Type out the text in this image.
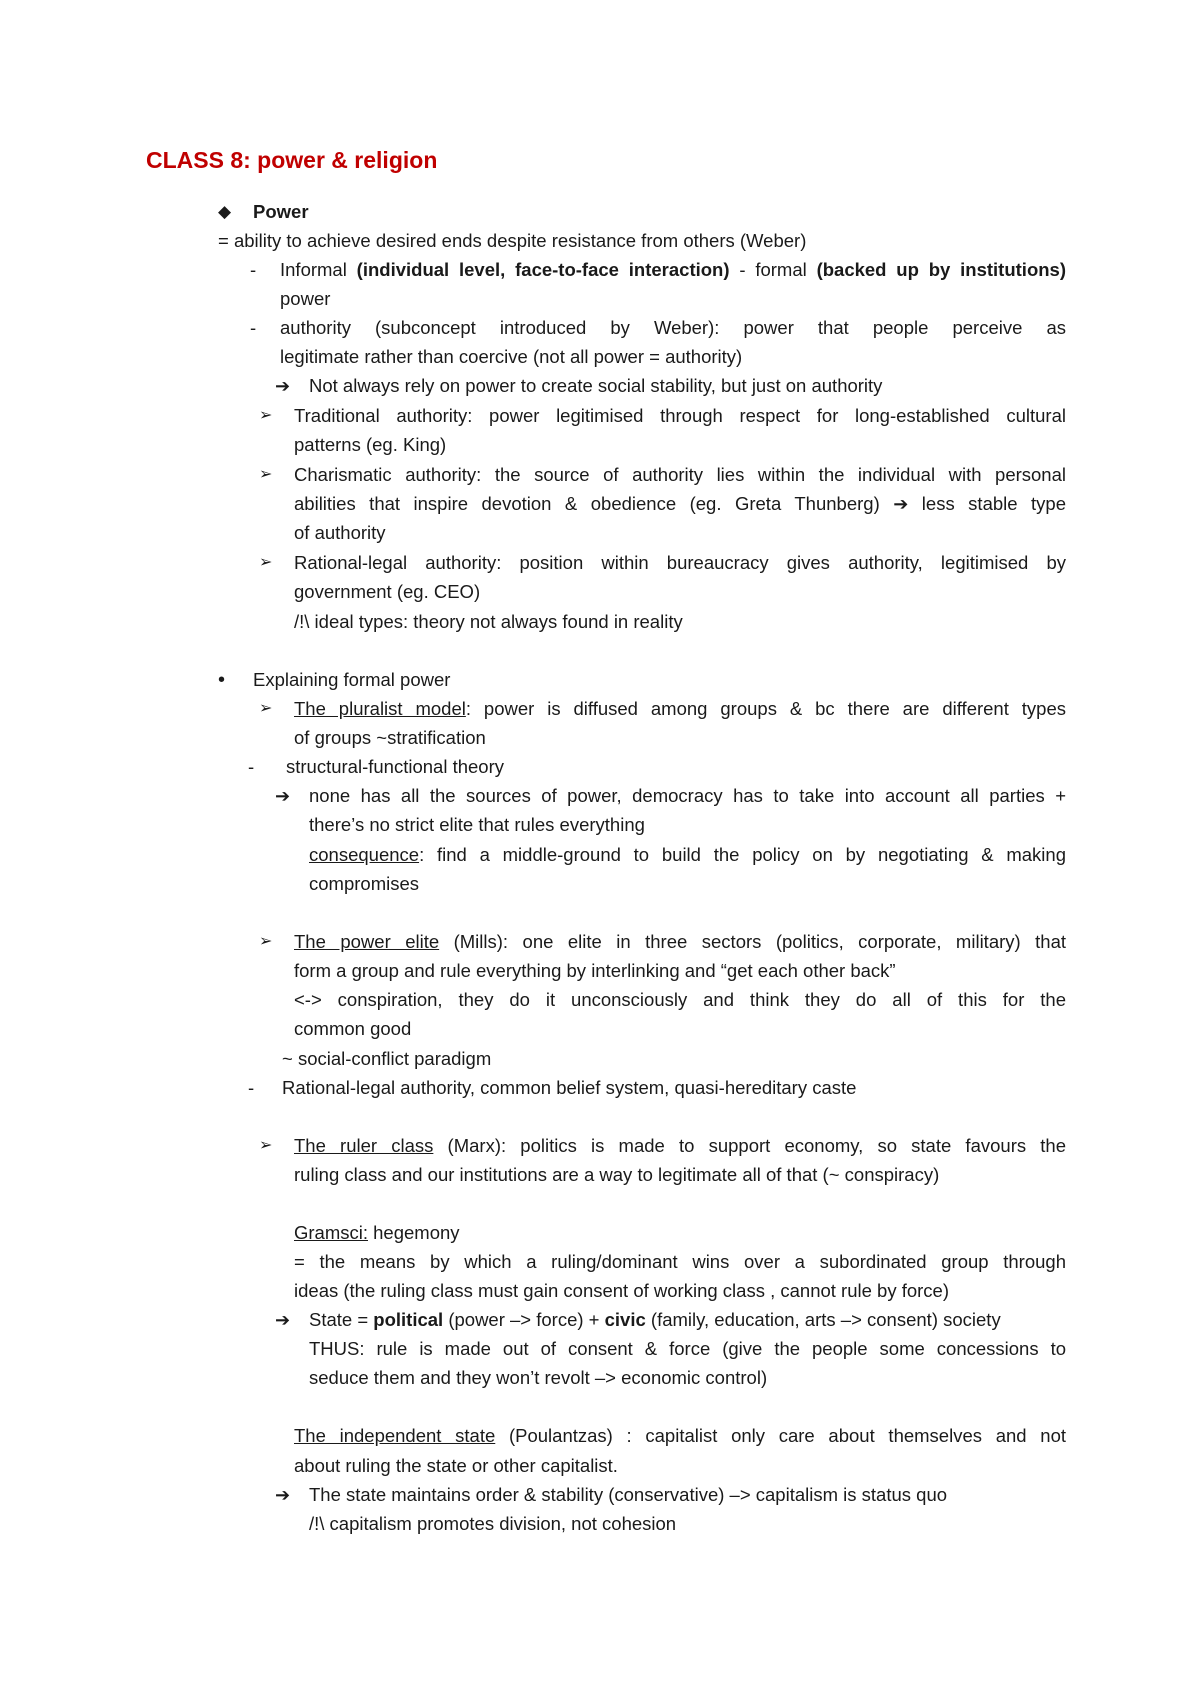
CLASS 8: power & religion
◆ Power
= ability to achieve desired ends despite resistance from others (Weber)
- Informal (individual level, face-to-face interaction) - formal (backed up by institutions)
power
- authority (subconcept introduced by Weber): power that people perceive as
legitimate rather than coercive (not all power = authority)
➔ Not always rely on power to create social stability, but just on authority
➢ Traditional authority: power legitimised through respect for long-established cultural
patterns (eg. King)
➢ Charismatic authority: the source of authority lies within the individual with personal
abilities that inspire devotion & obedience (eg. Greta Thunberg) ➔ less stable type
of authority
➢ Rational-legal authority: position within bureaucracy gives authority, legitimised by
government (eg. CEO)
/!\ ideal types: theory not always found in reality
• Explaining formal power
➢ The pluralist model: power is diffused among groups & bc there are different types
of groups ~stratification
- structural-functional theory
➔ none has all the sources of power, democracy has to take into account all parties +
there’s no strict elite that rules everything
consequence: find a middle-ground to build the policy on by negotiating & making
compromises
➢ The power elite (Mills): one elite in three sectors (politics, corporate, military) that
form a group and rule everything by interlinking and “get each other back”
<-> conspiration, they do it unconsciously and think they do all of this for the
common good
~ social-conflict paradigm
- Rational-legal authority, common belief system, quasi-hereditary caste
➢ The ruler class (Marx): politics is made to support economy, so state favours the
ruling class and our institutions are a way to legitimate all of that (~ conspiracy)
Gramsci: hegemony
= the means by which a ruling/dominant wins over a subordinated group through
ideas (the ruling class must gain consent of working class , cannot rule by force)
➔ State = political (power –> force) + civic (family, education, arts –> consent) society
THUS: rule is made out of consent & force (give the people some concessions to
seduce them and they won’t revolt –> economic control)
The independent state (Poulantzas) : capitalist only care about themselves and not
about ruling the state or other capitalist.
➔ The state maintains order & stability (conservative) –> capitalism is status quo
/!\ capitalism promotes division, not cohesion
